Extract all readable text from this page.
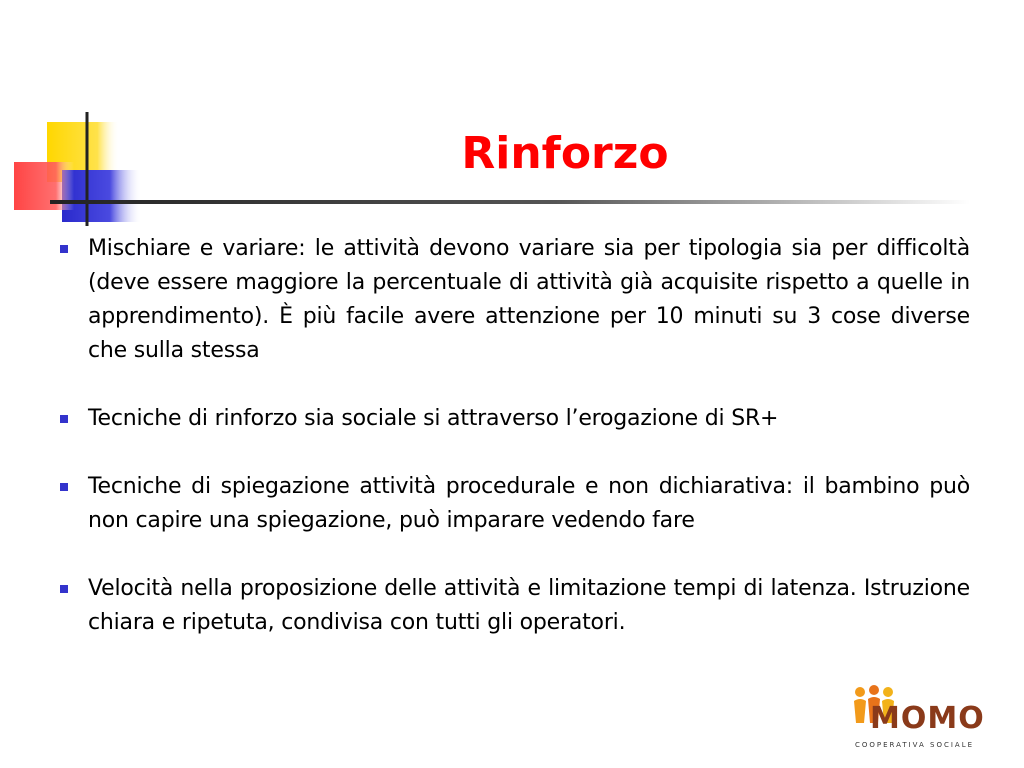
Rinforzo
Mischiare e variare: le attività devono variare sia per tipologia sia per difficoltà (deve essere maggiore la percentuale di attività già acquisite rispetto a quelle in apprendimento). È più facile avere attenzione per 10 minuti su 3 cose diverse che sulla stessa
Tecniche di rinforzo sia sociale si attraverso l’erogazione di SR+
Tecniche di spiegazione attività procedurale e non dichiarativa: il bambino può non capire una spiegazione, può imparare vedendo fare
Velocità nella proposizione delle attività e limitazione tempi di latenza. Istruzione chiara e ripetuta, condivisa con tutti gli operatori.
MOMO
COOPERATIVA SOCIALE
